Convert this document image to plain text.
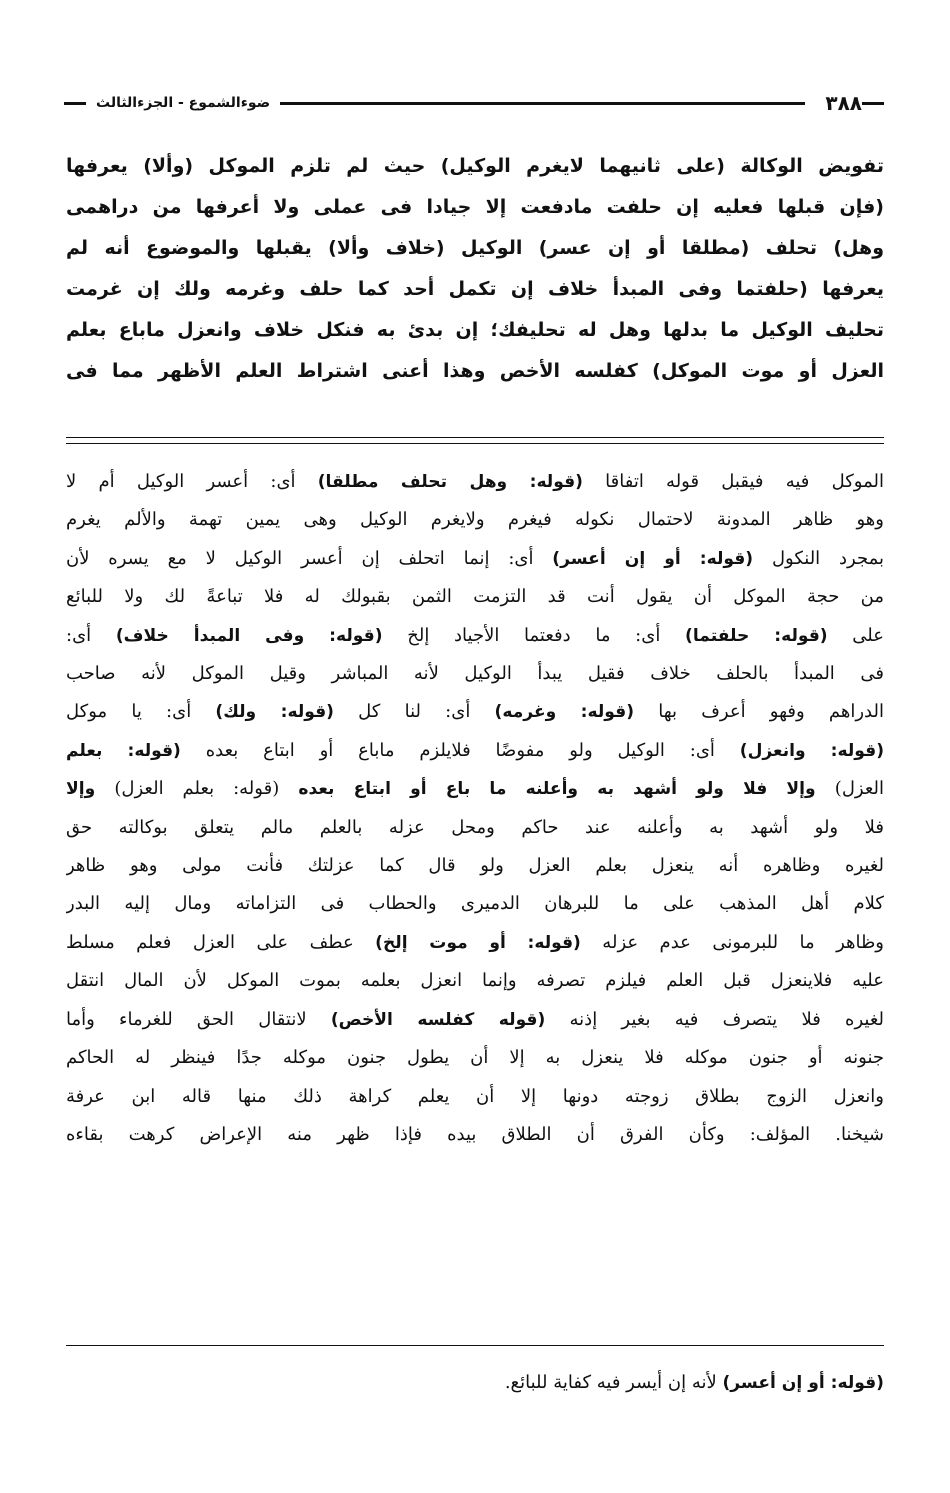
٣٨٨
ضوءالشموع - الجزءالثالث
تفويض الوكالة (على ثانيهما لايغرم الوكيل) حيث لم تلزم الموكل (وألا) يعرفها
(فإن قبلها فعليه إن حلفت مادفعت إلا جيادا فى عملى ولا أعرفها من دراهمى
وهل) تحلف (مطلقا أو إن عسر) الوكيل (خلاف وألا) يقبلها والموضوع أنه لم
يعرفها (حلفتما وفى المبدأ خلاف إن تكمل أحد كما حلف وغرمه ولك إن غرمت
تحليف الوكيل ما بدلها وهل له تحليفك؛ إن بدئ به فنكل خلاف وانعزل ماباع بعلم
العزل أو موت الموكل) كفلسه الأخص وهذا أعنى اشتراط العلم الأظهر مما فى
الموكل فيه فيقبل قوله اتفاقا (قوله: وهل تحلف مطلقا) أى: أعسر الوكيل أم لا
وهو ظاهر المدونة لاحتمال نكوله فيغرم ولايغرم الوكيل وهى يمين تهمة والألم يغرم
بمجرد النكول (قوله: أو إن أعسر) أى: إنما اتحلف إن أعسر الوكيل لا مع يسره لأن
من حجة الموكل أن يقول أنت قد التزمت الثمن بقبولك له فلا تباعةً لك ولا للبائع
على (قوله: حلفتما) أى: ما دفعتما الأجياد إلخ (قوله: وفى المبدأ خلاف) أى:
فى المبدأ بالحلف خلاف فقيل يبدأ الوكيل لأنه المباشر وقيل الموكل لأنه صاحب
الدراهم وفهو أعرف بها (قوله: وغرمه) أى: لنا كل (قوله: ولك) أى: يا موكل
(قوله: وانعزل) أى: الوكيل ولو مفوضًا فلايلزم ماباع أو ابتاع بعده (قوله: بعلم
العزل) وإلا فلا ولو أشهد به وأعلنه ما باع أو ابتاع بعده (قوله: بعلم العزل) وإلا
فلا ولو أشهد به وأعلنه عند حاكم ومحل عزله بالعلم مالم يتعلق بوكالته حق
لغيره وظاهره أنه ينعزل بعلم العزل ولو قال كما عزلتك فأنت مولى وهو ظاهر
كلام أهل المذهب على ما للبرهان الدميرى والحطاب فى التزاماته ومال إليه البدر
وظاهر ما للبرمونى عدم عزله (قوله: أو موت إلخ) عطف على العزل فعلم مسلط
عليه فلاينعزل قبل العلم فيلزم تصرفه وإنما انعزل بعلمه بموت الموكل لأن المال انتقل
لغيره فلا يتصرف فيه بغير إذنه (قوله كفلسه الأخص) لانتقال الحق للغرماء وأما
جنونه أو جنون موكله فلا ينعزل به إلا أن يطول جنون موكله جدًا فينظر له الحاكم
وانعزل الزوج بطلاق زوجته دونها إلا أن يعلم كراهة ذلك منها قاله ابن عرفة
شيخنا. المؤلف: وكأن الفرق أن الطلاق بيده فإذا ظهر منه الإعراض كرهت بقاءه
(قوله: أو إن أعسر) لأنه إن أيسر فيه كفاية للبائع.
